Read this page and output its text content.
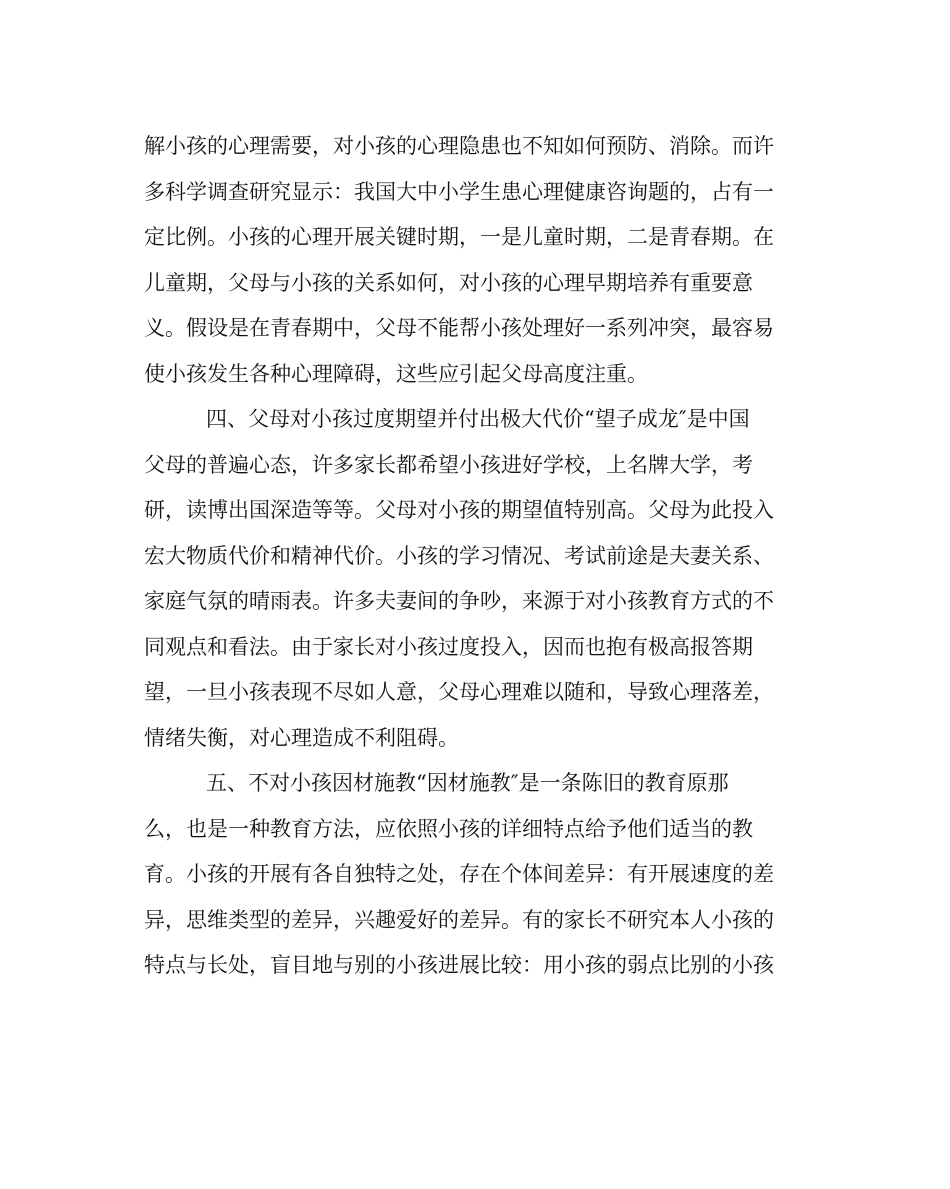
解小孩的心理需要，对小孩的心理隐患也不知如何预防、消除。而许
多科学调查研究显示：我国大中小学生患心理健康咨询题的，占有一
定比例。小孩的心理开展关键时期，一是儿童时期，二是青春期。在
儿童期，父母与小孩的关系如何，对小孩的心理早期培养有重要意
义。假设是在青春期中，父母不能帮小孩处理好一系列冲突，最容易
使小孩发生各种心理障碍，这些应引起父母高度注重。
四、父母对小孩过度期望并付出极大代价“望子成龙″是中国
父母的普遍心态，许多家长都希望小孩进好学校，上名牌大学，考
研，读博出国深造等等。父母对小孩的期望值特别高。父母为此投入
宏大物质代价和精神代价。小孩的学习情况、考试前途是夫妻关系、
家庭气氛的晴雨表。许多夫妻间的争吵，来源于对小孩教育方式的不
同观点和看法。由于家长对小孩过度投入，因而也抱有极高报答期
望，一旦小孩表现不尽如人意，父母心理难以随和，导致心理落差，
情绪失衡，对心理造成不利阻碍。
五、不对小孩因材施教“因材施教″是一条陈旧的教育原那
么，也是一种教育方法，应依照小孩的详细特点给予他们适当的教
育。小孩的开展有各自独特之处，存在个体间差异：有开展速度的差
异，思维类型的差异，兴趣爱好的差异。有的家长不研究本人小孩的
特点与长处，盲目地与别的小孩进展比较：用小孩的弱点比别的小孩
